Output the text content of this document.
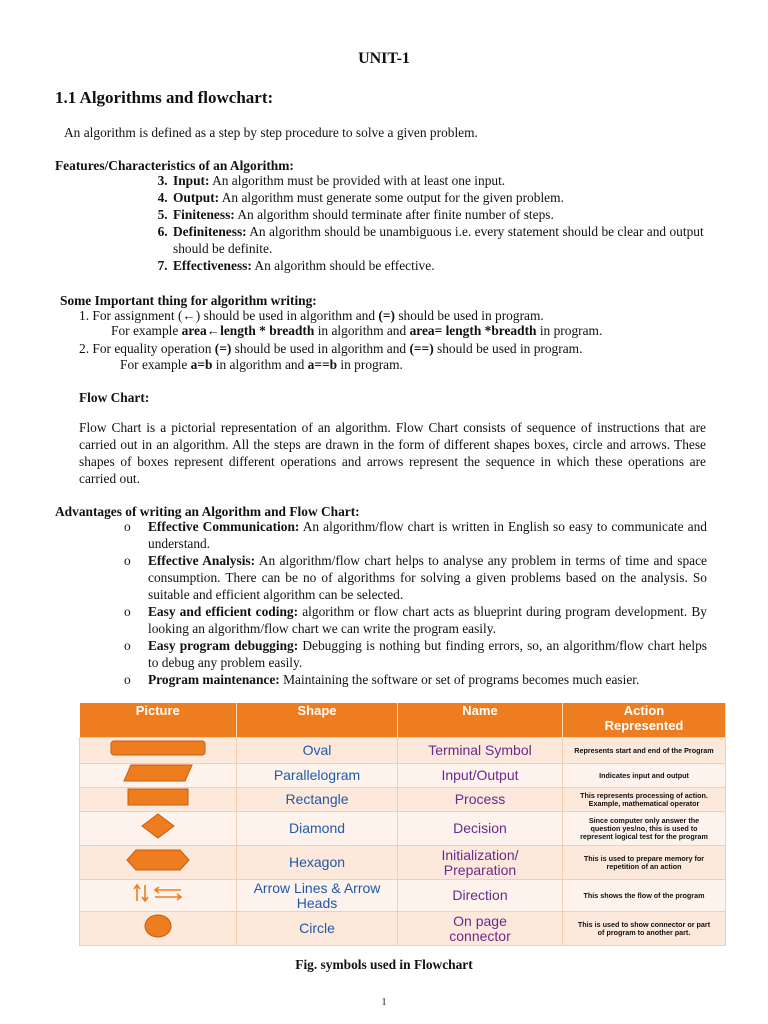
UNIT-1
1.1 Algorithms and flowchart:
An algorithm is defined as a step by step procedure to solve a given problem.
Features/Characteristics of an Algorithm:
3. Input: An algorithm must be provided with at least one input.
4. Output: An algorithm must generate some output for the given problem.
5. Finiteness: An algorithm should terminate after finite number of steps.
6. Definiteness: An algorithm should be unambiguous i.e. every statement should be clear and output should be definite.
7. Effectiveness: An algorithm should be effective.
Some Important thing for algorithm writing:
1. For assignment (←) should be used in algorithm and (=) should be used in program.
For example area←length * breadth in algorithm and area= length *breadth in program.
2. For equality operation (=) should be used in algorithm and (==) should be used in program.
For example a=b in algorithm and a==b in program.
Flow Chart:
Flow Chart is a pictorial representation of an algorithm. Flow Chart consists of sequence of instructions that are carried out in an algorithm. All the steps are drawn in the form of different shapes boxes, circle and arrows. These shapes of boxes represent different operations and arrows represent the sequence in which these operations are carried out.
Advantages of writing an Algorithm and Flow Chart:
o Effective Communication: An algorithm/flow chart is written in English so easy to communicate and understand.
o Effective Analysis: An algorithm/flow chart helps to analyse any problem in terms of time and space consumption. There can be no of algorithms for solving a given problems based on the analysis. So suitable and efficient algorithm can be selected.
o Easy and efficient coding: algorithm or flow chart acts as blueprint during program development. By looking an algorithm/flow chart we can write the program easily.
o Easy program debugging: Debugging is nothing but finding errors, so, an algorithm/flow chart helps to debug any problem easily.
o Program maintenance: Maintaining the software or set of programs becomes much easier.
Picture	Shape	Name	Action Represented
	Oval	Terminal Symbol	Represents start and end of the Program
	Parallelogram	Input/Output	Indicates input and output
	Rectangle	Process	This represents processing of action. Example, mathematical operator
	Diamond	Decision	Since computer only answer the question yes/no, this is used to represent logical test for the program
	Hexagon	Initialization/ Preparation	This is used to prepare memory for repetition of an action
	Arrow Lines & Arrow Heads	Direction	This shows the flow of the program
	Circle	On page connector	This is used to show connector or part of program to another part.
Fig. symbols used in Flowchart
1
